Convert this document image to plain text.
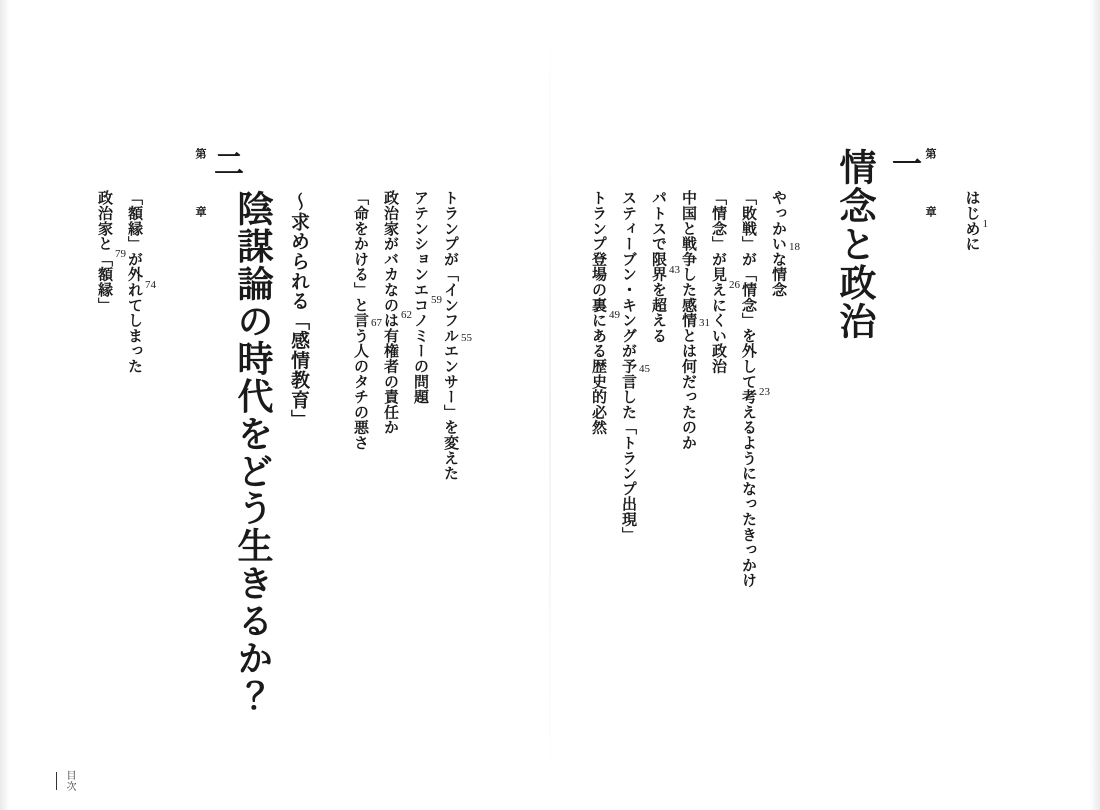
はじめに 1
情念と政治 一 第
章
やっかいな情念 18
「敗戦」が「情念」を外して考えるようになったきっかけ 23
「情念」が見えにくい政治 26
中国と戦争した感情とは何だったのか 31
パトスで限界を超える 43
スティーブン・キングが予言した「トランプ出現」 45
トランプ登場の裏にある歴史的必然 49
第
章
二
陰謀論の時代をどう生きるか？ 〜求められる「感情教育」	トランプが「インフルエンサー」を変えた 55
アテンションエコノミーの問題 59
政治家がバカなのは有権者の責任か 62
「命をかける」と言う人のタチの悪さ 67
「額縁」が外れてしまった 74
政治家と「額縁」 79
目次
